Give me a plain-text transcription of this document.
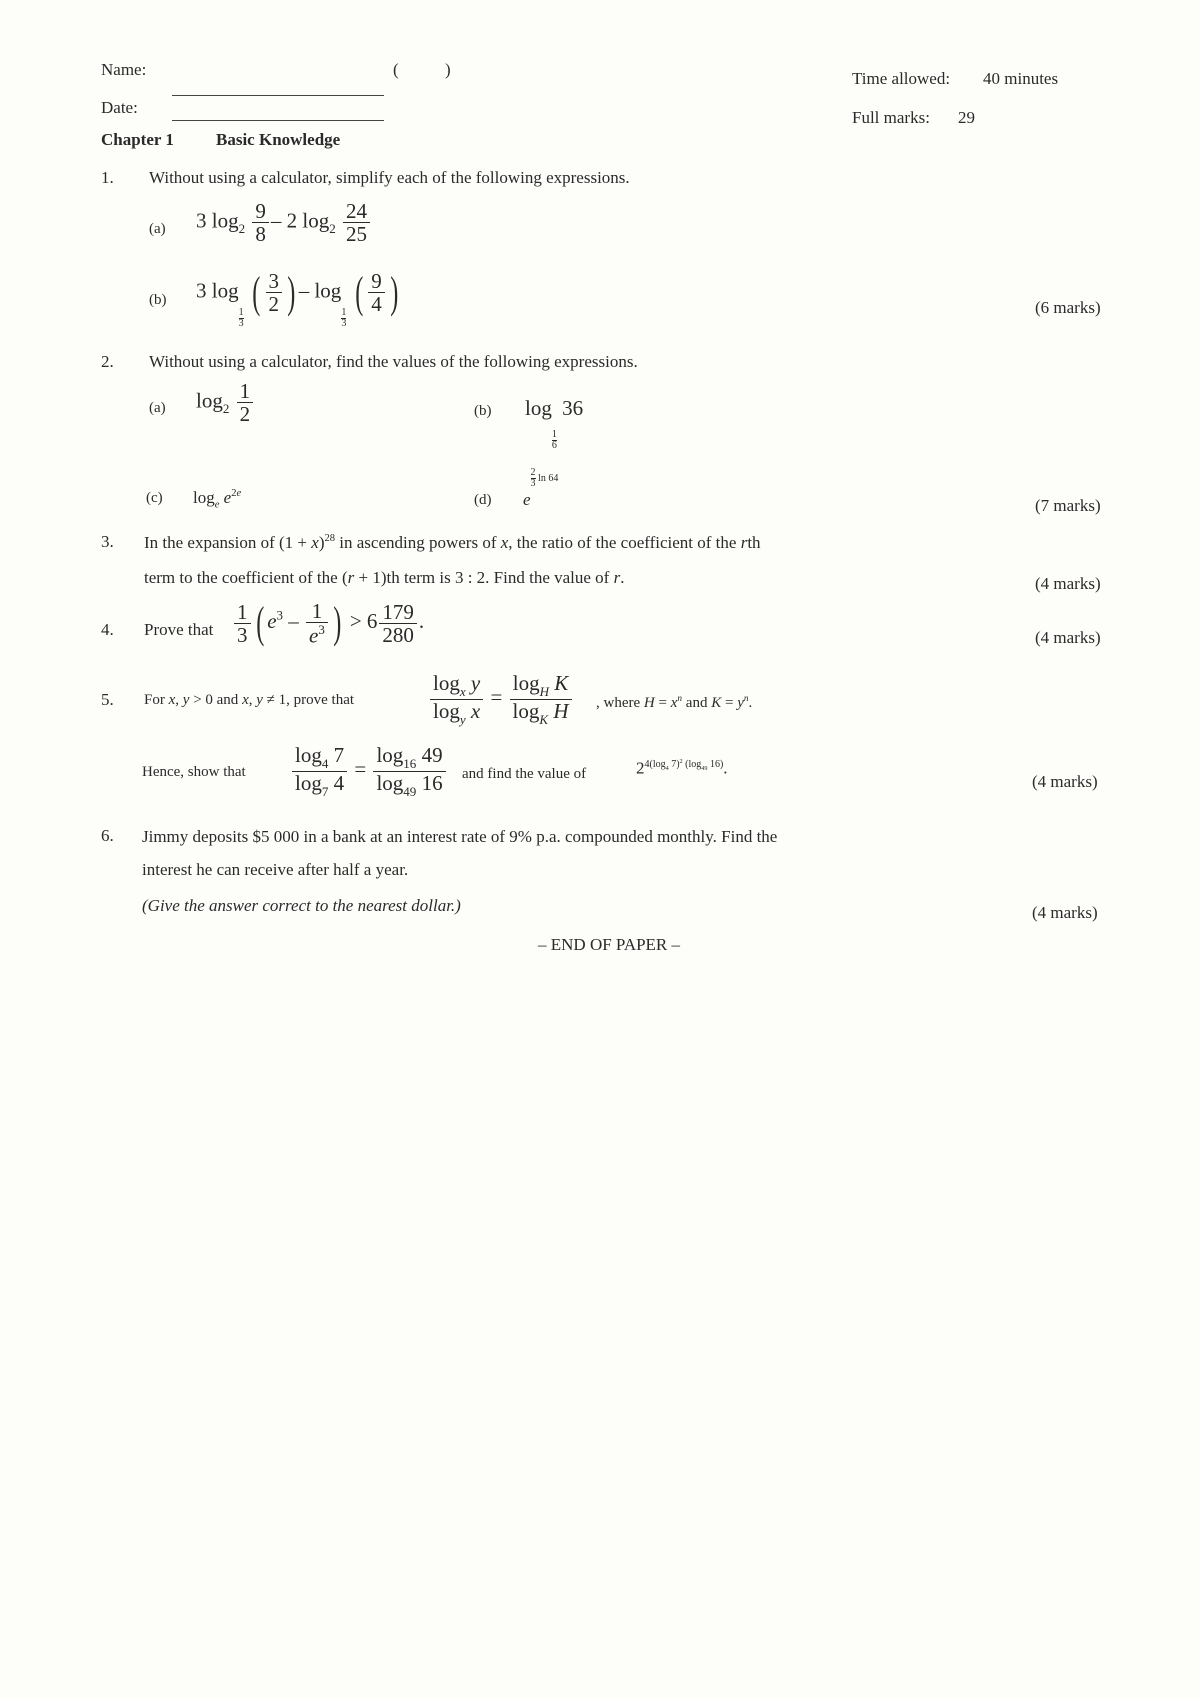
Name:	(	)
Date:
Time allowed: 40 minutes
Full marks: 29
Chapter 1 Basic Knowledge
1. Without using a calculator, simplify each of the following expressions.
(a) 3 $\log_2 \frac{9}{8} - 2$ $\log_2 \frac{24}{25}$
(b) 3 log
$\frac{1}{3}$
( $\frac{3}{2}$ ) – log
$\frac{1}{3}$
( $\frac{9}{4}$ )	(6 marks)
2. Without using a calculator, find the values of the following expressions.
(a) $\log_2 \frac{1}{2}$	(b) log
$\frac{1}{6}$
36
(c) $\log_e e^{2e}$	(d) e
$\frac{2}{3}$ ln 64
(7 marks)
3. In the expansion of $(1 + x)^{28}$ in ascending powers of x, the ratio of the coefficient of the rth
term to the coefficient of the (r + 1)th term is 3 : 2. Find the value of r.	(4 marks)
4. Prove that $\frac{1}{3}$ ( $e^3 - \frac{1}{e^3}$ ) > $6 \frac{179}{280}$ .
(4 marks)
5. For x, y > 0 and x, y ≠ 1, prove that	$\frac{\log_x y}{\log_y x} = \frac{\log_H K}{\log_K H}$ , where $H = x^n$ and $K = y^n$.
Hence, show that $\frac{\log_4 7}{\log_7 4} = \frac{\log_{16} 49}{\log_{49} 16}$ and find the value of	$2^{4(log_4 7)^2 (log_{49} 16)}$.
(4 marks)
6. Jimmy deposits $5 000 in a bank at an interest rate of 9% p.a. compounded monthly. Find the
interest he can receive after half a year.
(Give the answer correct to the nearest dollar.)	(4 marks)
– END OF PAPER –
